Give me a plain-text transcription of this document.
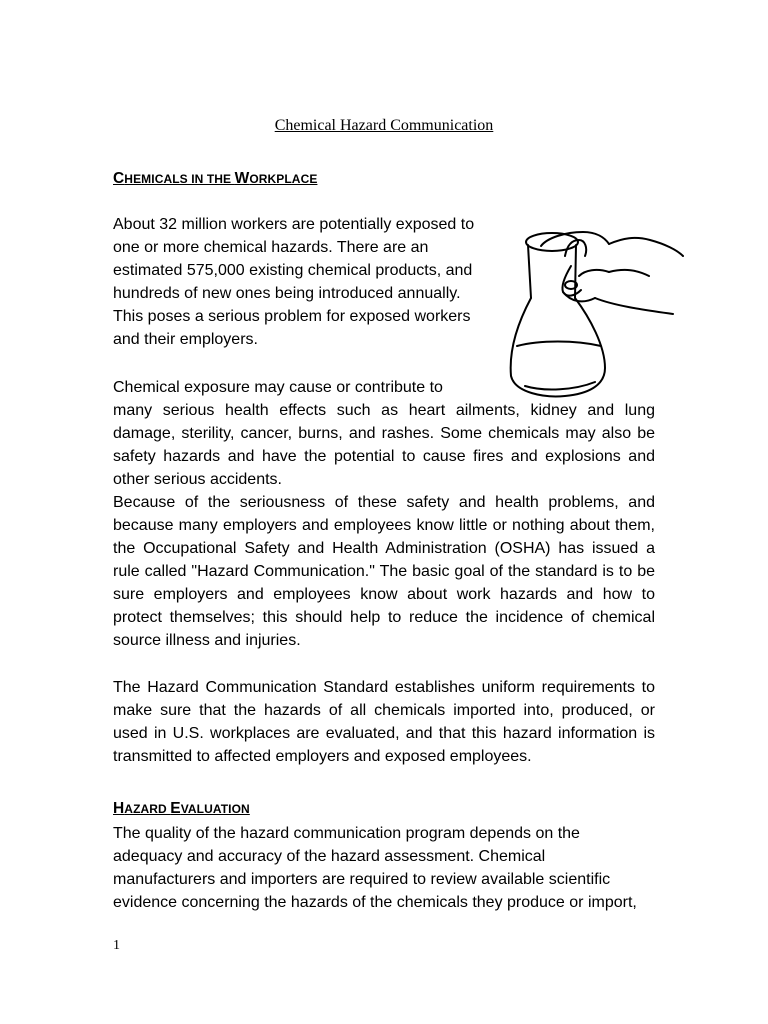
Chemical Hazard Communication
CHEMICALS IN THE WORKPLACE
About 32 million workers are potentially exposed to
one or more chemical hazards. There are an
estimated 575,000 existing chemical products, and
hundreds of new ones being introduced annually.
This poses a serious problem for exposed workers
and their employers.
Chemical exposure may cause or contribute to
many serious health effects such as heart ailments, kidney and lung damage, sterility, cancer, burns, and rashes. Some chemicals may also be safety hazards and have the potential to cause fires and explosions and other serious accidents.
Because of the seriousness of these safety and health problems, and because many employers and employees know little or nothing about them, the Occupational Safety and Health Administration (OSHA) has issued a rule called "Hazard Communication." The basic goal of the standard is to be sure employers and employees know about work hazards and how to protect themselves; this should help to reduce the incidence of chemical source illness and injuries.
The Hazard Communication Standard establishes uniform requirements to make sure that the hazards of all chemicals imported into, produced, or used in U.S. workplaces are evaluated, and that this hazard information is transmitted to affected employers and exposed employees.
HAZARD EVALUATION
The quality of the hazard communication program depends on the
adequacy and accuracy of the hazard assessment. Chemical
manufacturers and importers are required to review available scientific
evidence concerning the hazards of the chemicals they produce or import,
1
